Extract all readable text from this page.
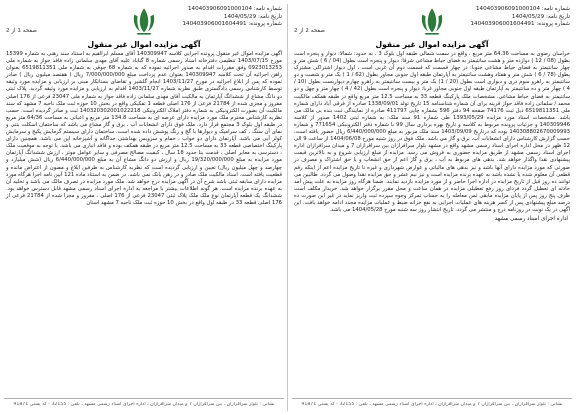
شماره نامه: 140403906091000104
تاریخ نامه: 1404/05/29
شماره پرونده: 140403906001604491
صفحه 2 از 2
آگهی مزایده اموال غیر منقول

خراسان رضوی به مساحت 64.36 متر مربع ، واقع در سمت شمالی طبقه اول بلوک 3 ، به حدود: شمالا: دیوار و پنجره است بطول (08 / 12 ) دوازده متر و هشت سانتیمتر به فضای حیاط مشاعی شرقا: دیوار و پنجره است بطول (04 / 6 ) شش متر و چهار سانتیمتر به فضای حیاط مشاعی جنوبا: در چهار قسمت که قسمت دوم آن غربی است ، اول دیوار اشتراکی مشترک بطول (78 / 6 ) شش متر و هفتاد وهشت سانتیمتر به آپارتمان طبقه اول جنوبی مجاور بطول (62 / 1 ) یک متر و شصت و دو سانتیمتر به راهرو سوم دری و دیواری است بطول (20 / 1) یک متر و بیست سانتیمتر به راهرو چهارم دیواریست بطول (10 / 4 ) چهار متر و ده سانتیمتر به آپارتمان طبقه اول جنوبی مجاور غربا: دیوار و پنجره است بطول (42 / 4 ) چهار متر و چهل و دو سانتیمتر به فضای حیاط مشاعی. مشخصات ملک پارکینگ قطعه 33 به مساحت 12.5 متر مربع واقع در طبقه همکف مالکیت محمد / سلمانی زاده فاقد جواز قرینه برای آن شماره شناسنامه 15 تاریخ تولد 1338/09/01 صادره از فرقی آباد دارای شماره ملی 6519811351 ذیل ثبت 74176 صفحه 94 دفتر 596 بشماره چاپی 411797 صادره از نمایندگی ثبت بنده بی مالک می باشد. مشخصات اسناد مورد مزایده 1393/05/29 طی شماره 91 سند ملک: به شماره ثبتی 1402 صدور از کلاسه 140309946 و جزئیات پرونده مربوط به کلاسه و تاریخ بهره برداری سال 99 با شماره دفتر الکترونیکی 771654 و شماره 140308802670009993 بوده که درتاریخ 1403/09/09 سند ملک مزبور به مبلغ 6/440/000/000 ریال حضور یافته است. حسب گزارش کارشناس دارای انشعابات آب، برق و گاز می باشد. ملک فوق در روز شنبه مورخ 1404/06/08 از ساعت 9 الی 12 ظهر در محل اداره اجرای اسناد رسمی مشهد واقع در مشهد بلوار سرافرازان بین سرافرازان 7 و میدان سرافرازان اداره اجرای اسناد رسمی مشهد از طریق مزایده حضوری به فروش می رسد. مزایده از مبلغ ارزیابی شروع و به بالاترین قیمت پیشنهادی نقدا واگذار خواهد شد. بدهی های مربوط به آب ، برق و گاز اعم از حق انشعاب و یا حق اشتراک و مصرف در صورتی که مورد مزایده دارای آنها باشد و نیز بدهی های مالیاتی و عوارض شهرداری و غیره تا تاریخ مزایده اعم از اینکه رقم قطعی آن معلوم شده یا نشده باشد به عهده برنده مزایده است و نیز نیم عشر و حق مزایده نقدا وصول می گردد. طالبین می توانند ده روز قبل از تاریخ مزایده در اداره اجرا حاضر و از مورد مزایده بازدید نمایند. ضمنا هرگاه روز مزایده به علت پیش آمد حادثه ای تعطیل گردد فردای روز رفع تعطیلی مزایده در همان ساعت و محل مقرر برگزار خواهد شد. خریدار مکلف است ظرف پنج روز پس از پایان مزایده مابقی ثمن معامله را به حساب تمرکز وجوه سپرده ثبت واریز نماید در غیر این صورت ده درصد مبلغ پیشنهادی پس از کسر هزینه های عملیات اجرایی به نفع خزانه ضبط و عملیات مزایده مجدد ادامه خواهد یافت. این آگهی در یک نوبت در روزنامه درج و منتشر می گردد. تاریخ انتشار روز سه شنبه مورخ 1404/05/28 می باشد.

اداره اجرای اسناد رسمی مشهد
نشانی : بلوار سرافرازان ، بین سرافرازان 7 و میدان سرافرازان ، اداره اجرای اسناد رسمی مشهد ، تلفن : 32155 - کد پستی 91871
شماره نامه: 140403906091000104
تاریخ نامه: 1404/05/29
شماره پرونده: 140403906001604491
صفحه 1 از 2
آگهی مزایده اموال غیر منقول

آگهی مزایده اموال غیر منقول پرونده اجرایی کلاسه 140309947 آقای مسلم ابرالقیم به استناد سند رهنی به شماره 15399 مورخ 1403/07/15 تنظیمی دفترخانه اسناد رسمی شماره 8 گناباد علیه آقای مهدی سلمانی زاده فاقد جواز به شماره ملی 0923013253 وفق مقررات اقدام به صدور اجرائیه نموده که به شماره 68 جوقی به شماره ملی 6519811351 بعنوان راهن اجرائیه آن تحت کلاسه 140309947 بعنوان عدم پرداخت مبلغ 7/000/000/000 ریال ( هفتصد میلیون ریال ) صادر نموده که پس از ابلاغ اجرائیه در مورخ 1403/11/27 انجام گلشیر و تقاضای بستانکار مبنی بر ارزیابی و مزایده مورد وثیقه توسط کارشناس رسمی دادگستری طبق نظریه شماره 1403/11/27 اقدام به ارزیابی و مزایده مورد وثیقه گردید. پلاک ثبتی دو دانگ مشاع از ششدانگ آپارتمان به مالکیت آقای مهدی سلمانی زاده فاقد جواز به شماره ملی 23047 فرعی از 176 اصلی مفروز و مجزی شده از 21784 فرعی از 176 اصلی قطعه 1 تفکیکی واقع در بخش 10 حوزه ثبت ملک ناحیه 7 مشهد که سند مالکیت آن بصورت الکترونیکی به شماره دفتر املاک الکترونیکی 140320302001022218 ثبت و صادر گردیده است. حسب نظریه کارشناس محترم ملک مورد مزایده دارای عرصه ای به مساحت 134.8 متر مربع و اعیانی به مساحت 64/36 متر مربع در طبقه اول بلوک 3 مجتمع قرار دارد. ملک فوق دارای انشعابات آب ، برق و گاز مشاع می باشد که ساختمان اسکلت بتنی و نمای آن سنگ ، کف سرامیک و دیوارها با گچ و رنگ پوشش داده شده است. ساختمان دارای سیستم گرمایش پکیج و سرمایش کولر آبی می باشد. آپارتمان دارای دو خواب ، حمام و سرویس بهداشتی جداگانه و آشپزخانه اپن می باشد. همچنین دارای پارکینگ اختصاصی قطعه 33 به مساحت 12.5 متر مربع در طبقه همکف بوده و فاقد انباری می باشد. با توجه به موقعیت ملک ، دسترسی به معابر اصلی ، قدمت بنا حدود 18 سال ، کیفیت مصالح مصرفی و سایر عوامل موثر ، ارزش ششدانگ آپارتمان مورد مزایده به مبلغ 19/320/000/000 ریال و ارزش دو دانگ مشاع آن به مبلغ 6/440/000/000 ریال (شش میلیارد و چهارصد و چهل میلیون ریال) تعیین و ارزیابی گردیده است که نظریه کارشناس به طرفین ابلاغ و مصون از اعتراض مانده و قطعیت یافته است. اسناد مالکیت ملک صادر و در رهن بانک نمی باشد. در ضمن به استناد ماده 121 آیین نامه اجرا هرگاه مورد مزایده دارای سابقه ثبتی باشد شرح آن در آگهی مزایده درج خواهد شد. ملک مورد مزایده در تصرف مالک می باشد و تخلیه آن به عهده برنده مزایده است. هر گونه اطلاعات بیشتر با مراجعه به اداره اجرای اسناد رسمی مشهد قابل دسترس خواهد بود. ششدانگ یک قطعه آپارتمان نوع ملک ملک پلاک ثبتی 23047 فرعی از 176 اصلی ، مفروز و مجزا شده از 21784 فرعی از 176 اصلی قطعه 33 در طبقه اول واقع در بخش 10 حوزه ثبت ملک ناحیه 7 مشهد استان

نشانی : بلوار سرافرازان ، بین سرافرازان 7 و میدان سرافرازان ، اداره اجرای اسناد رسمی مشهد ، تلفن : 32155 - کد پستی 91871
